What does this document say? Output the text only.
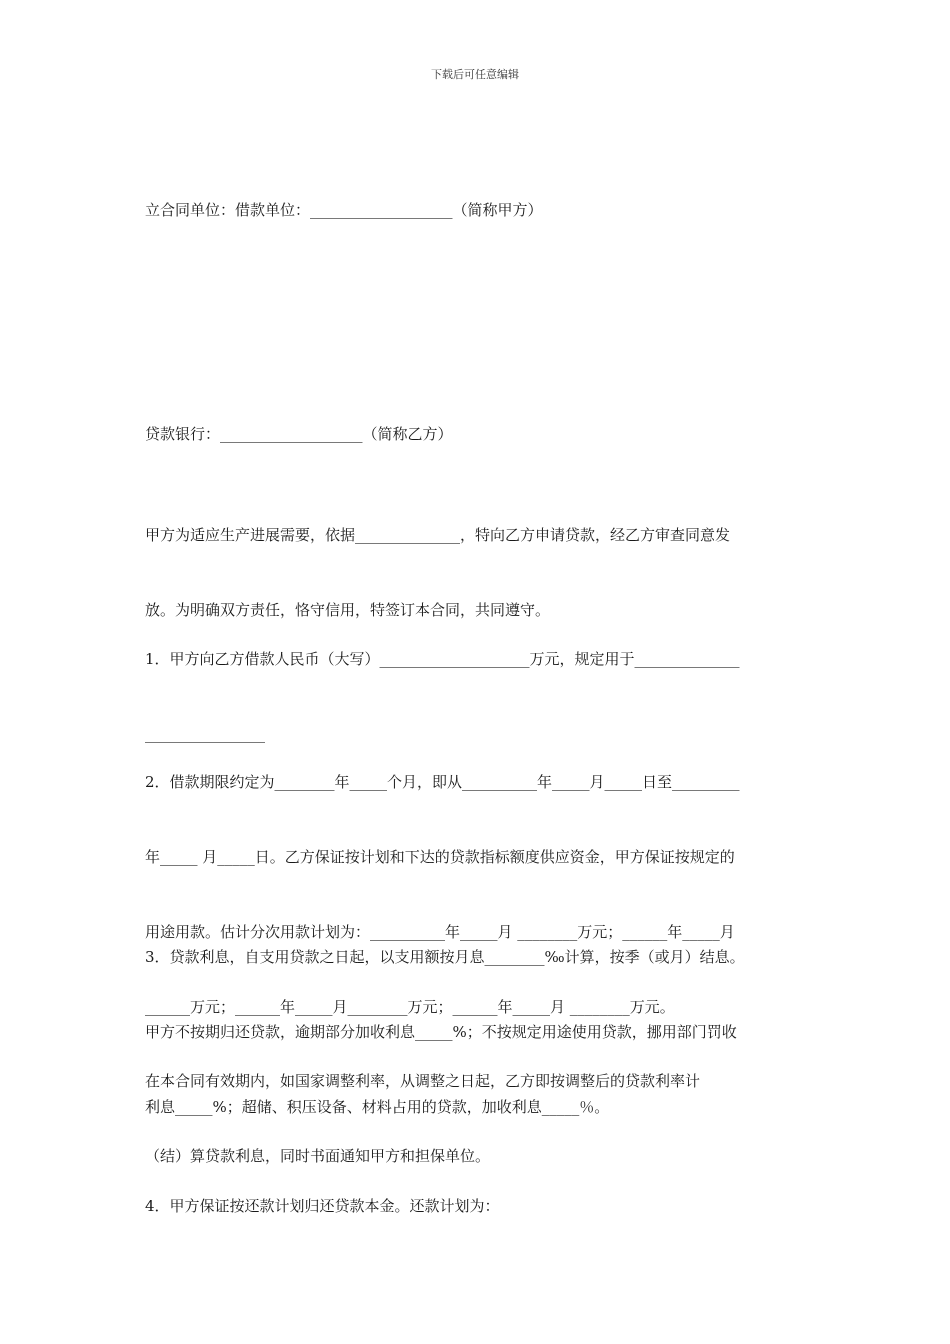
下载后可任意编辑

立合同单位：借款单位：___________________（简称甲方）

贷款银行：___________________（简称乙方）

甲方为适应生产进展需要，依据______________，特向乙方申请贷款，经乙方审查同意发

放。为明确双方责任，恪守信用，特签订本合同，共同遵守。

1．甲方向乙方借款人民币（大写）____________________万元，规定用于______________

________________

2．借款期限约定为________年_____个月，即从__________年_____月_____日至_________

年_____ 月_____日。乙方保证按计划和下达的贷款指标额度供应资金，甲方保证按规定的

用途用款。估计分次用款计划为：__________年_____月 ________万元；______年_____月

______万元；______年_____月________万元；______年_____月 ________万元。

3．贷款利息，自支用贷款之日起，以支用额按月息________‰计算，按季（或月）结息。

甲方不按期归还贷款，逾期部分加收利息_____%；不按规定用途使用贷款，挪用部门罚收

利息_____%；超储、积压设备、材料占用的贷款，加收利息_____％。

在本合同有效期内，如国家调整利率，从调整之日起，乙方即按调整后的贷款利率计

（结）算贷款利息，同时书面通知甲方和担保单位。

4．甲方保证按还款计划归还贷款本金。还款计划为：
